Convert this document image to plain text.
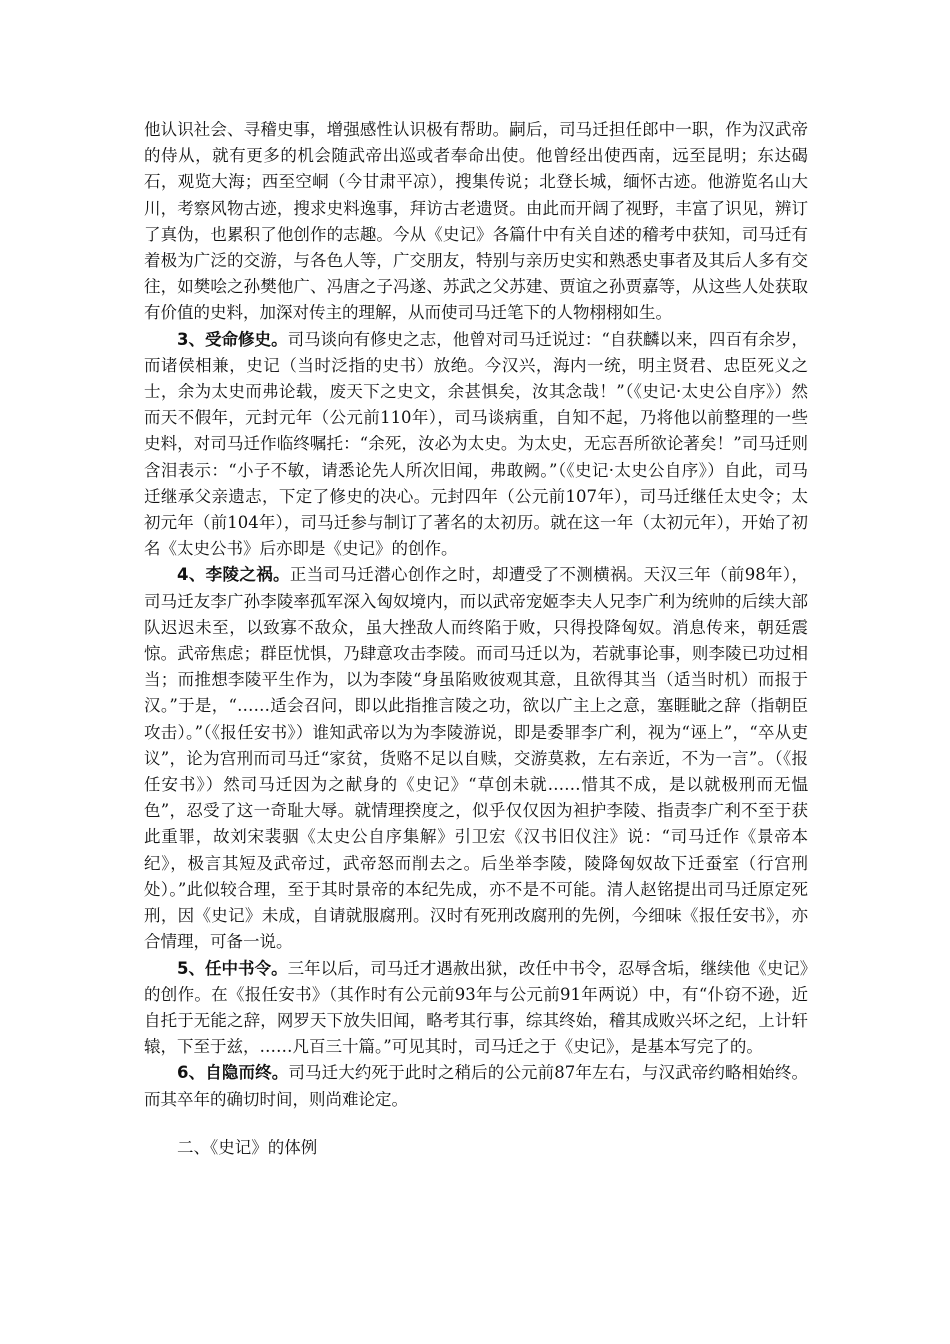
他认识社会、寻稽史事，增强感性认识极有帮助。嗣后，司马迁担任郎中一职，作为汉武帝的侍从，就有更多的机会随武帝出巡或者奉命出使。他曾经出使西南，远至昆明；东达碣石，观览大海；西至空峒（今甘肃平凉），搜集传说；北登长城，缅怀古迹。他游览名山大川，考察风物古迹，搜求史料逸事，拜访古老遗贤。由此而开阔了视野，丰富了识见，辨订了真伪，也累积了他创作的志趣。今从《史记》各篇什中有关自述的稽考中获知，司马迁有着极为广泛的交游，与各色人等，广交朋友，特别与亲历史实和熟悉史事者及其后人多有交往，如樊哙之孙樊他广、冯唐之子冯遂、苏武之父苏建、贾谊之孙贾嘉等，从这些人处获取有价值的史料，加深对传主的理解，从而使司马迁笔下的人物栩栩如生。

3、受命修史。司马谈向有修史之志，他曾对司马迁说过：“自获麟以来，四百有余岁，而诸侯相兼，史记（当时泛指的史书）放绝。今汉兴，海内一统，明主贤君、忠臣死义之士，余为太史而弗论载，废天下之史文，余甚惧矣，汝其念哉！”（《史记·太史公自序》）然而天不假年，元封元年（公元前110年），司马谈病重，自知不起，乃将他以前整理的一些史料，对司马迁作临终嘱托：“余死，汝必为太史。为太史，无忘吾所欲论著矣！”司马迁则含泪表示：“小子不敏，请悉论先人所次旧闻，弗敢阙。”（《史记·太史公自序》）自此，司马迁继承父亲遗志，下定了修史的决心。元封四年（公元前107年），司马迁继任太史令；太初元年（前104年），司马迁参与制订了著名的太初历。就在这一年（太初元年），开始了初名《太史公书》后亦即是《史记》的创作。

4、李陵之祸。正当司马迁潜心创作之时，却遭受了不测横祸。天汉三年（前98年），司马迁友李广孙李陵率孤军深入匈奴境内，而以武帝宠姬李夫人兄李广利为统帅的后续大部队迟迟未至，以致寡不敌众，虽大挫敌人而终陷于败，只得投降匈奴。消息传来，朝廷震惊。武帝焦虑；群臣忧惧，乃肆意攻击李陵。而司马迁以为，若就事论事，则李陵已功过相当；而推想李陵平生作为，以为李陵“身虽陷败彼观其意，且欲得其当（适当时机）而报于汉。”于是，“……适会召问，即以此指推言陵之功，欲以广主上之意，塞睚眦之辞（指朝臣攻击）。”（《报任安书》）谁知武帝以为为李陵游说，即是委罪李广利，视为“诬上”，“卒从吏议”，论为宫刑而司马迁“家贫，货赂不足以自赎，交游莫救，左右亲近，不为一言”。（《报任安书》）然司马迁因为之献身的《史记》“草创未就……惜其不成，是以就极刑而无愠色”，忍受了这一奇耻大辱。就情理揆度之，似乎仅仅因为袒护李陵、指责李广利不至于获此重罪，故刘宋裴骃《太史公自序集解》引卫宏《汉书旧仪注》说：“司马迁作《景帝本纪》，极言其短及武帝过，武帝怒而削去之。后坐举李陵，陵降匈奴故下迁蚕室（行宫刑处）。”此似较合理，至于其时景帝的本纪先成，亦不是不可能。清人赵铭提出司马迁原定死刑，因《史记》未成，自请就服腐刑。汉时有死刑改腐刑的先例，今细味《报任安书》，亦合情理，可备一说。

5、任中书令。三年以后，司马迁才遇赦出狱，改任中书令，忍辱含垢，继续他《史记》的创作。在《报任安书》（其作时有公元前93年与公元前91年两说）中，有“仆窃不逊，近自托于无能之辞，网罗天下放失旧闻，略考其行事，综其终始，稽其成败兴坏之纪，上计轩辕，下至于兹，……凡百三十篇。”可见其时，司马迁之于《史记》，是基本写完了的。

6、自隐而终。司马迁大约死于此时之稍后的公元前87年左右，与汉武帝约略相始终。而其卒年的确切时间，则尚难论定。

二、《史记》的体例
